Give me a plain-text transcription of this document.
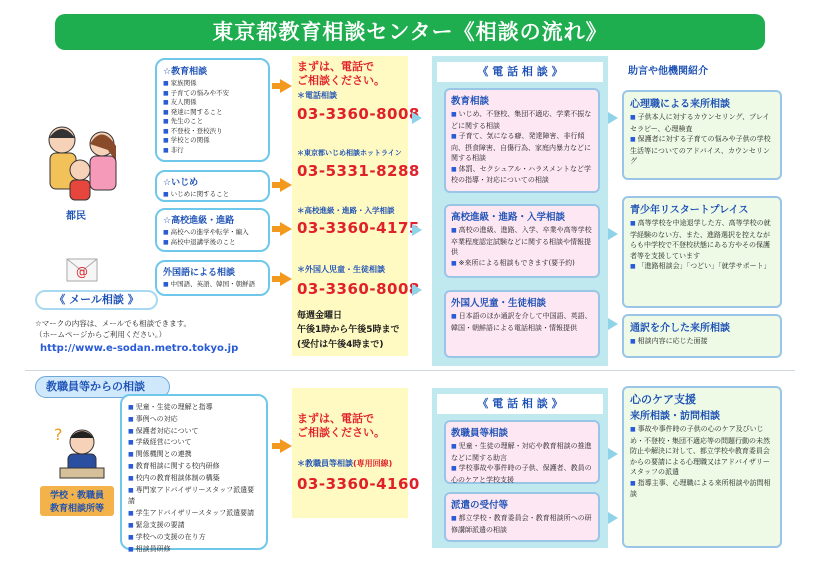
東京都教育相談センター《相談の流れ》
都民
☆教育相談
■ 家族関係
■ 子育ての悩みや不安
■ 友人関係
■ 発達に関すること
■ 先生のこと
■ 不登校・登校渋り
■ 学校との関係
■ 非行
☆いじめ
■ いじめに関すること
☆高校進級・進路
■ 高校への進学や転学・編入
■ 高校中退講学後のこと
外国語による相談
■ 中国語、英語、韓国・朝鮮語
@
《 メール相談 》
☆マークの内容は、メールでも相談できます。
（ホームページからご利用ください。）
http://www.e-sodan.metro.tokyo.jp
まずは、電話で
ご相談ください。
＊電話相談
03-3360-8008
＊東京都いじめ相談ホットライン
03-5331-8288
＊高校進級・進路・入学相談
03-3360-4175
＊外国人児童・生徒相談
03-3360-8008
毎週金曜日
午後1時から午後5時まで
(受付は午後4時まで)
《 電 話 相 談 》
教育相談
■ いじめ、不登校、集団不適応、学業不振などに関する相談
■ 子育て、気になる癖、発達障害、非行傾向、摂食障害、自傷行為、家庭内暴力などに関する相談
■ 体罰、セクシュアル・ハラスメントなど学校の指導・対応についての相談
高校進級・進路・入学相談
■ 高校の進級、進路、入学、卒業や高等学校卒業程度認定試験などに関する相談や情報提供
■ ※来所による相談もできます(要予約)
外国人児童・生徒相談
■ 日本語のほか通訳を介して中国語、英語、韓国・朝鮮語による電話相談・情報提供
助言や他機関紹介
心理職による来所相談
■ 子供本人に対するカウンセリング、プレイセラピー、心理検査
■ 保護者に対する子育ての悩みや子供の学校生活等についてのアドバイス、カウンセリング
青少年リスタートプレイス
■ 高等学校を中途退学した方、高等学校の就学経験のない方、また、進路選択を控えながらも中学校で不登校状態にある方やその保護者等を支援しています
■ 「進路相談会」「つどい」「就学サポート」
通訳を介した来所相談
■ 相談内容に応じた面接
教職員等からの相談
■ 児童・生徒の理解と指導
■ 事例への対応
■ 保護者対応について
■ 学級経営について
■ 関係機関との連携
■ 教育相談に関する校内研修
■ 校内の教育相談体制の構築
■ 専門家アドバイザリースタッフ派遣要請
■ 学生アドバイザリースタッフ派遣要請
■ 緊急支援の要請
■ 学校への支援の在り方
■ 相談員研修
?
学校・教職員
教育相談所等
まずは、電話で
ご相談ください。
＊教職員等相談(専用回線)
03-3360-4160
《 電 話 相 談 》
教職員等相談
■ 児童・生徒の理解・対応や教育相談の推進などに関する助言
■ 学校事故や事件時の子供、保護者、教員の心のケアと学校支援
派遣の受付等
■ 都立学校・教育委員会・教育相談所への研修講師派遣の相談
心のケア支援
来所相談・訪問相談
■ 事故や事件時の子供の心のケア及びいじめ・不登校・集団不適応等の問題行動の未然防止や解決に対して、都立学校や教育委員会からの要請による心理職又はアドバイザリースタッフの派遣
■ 指導主事、心理職による来所相談や訪問相談
